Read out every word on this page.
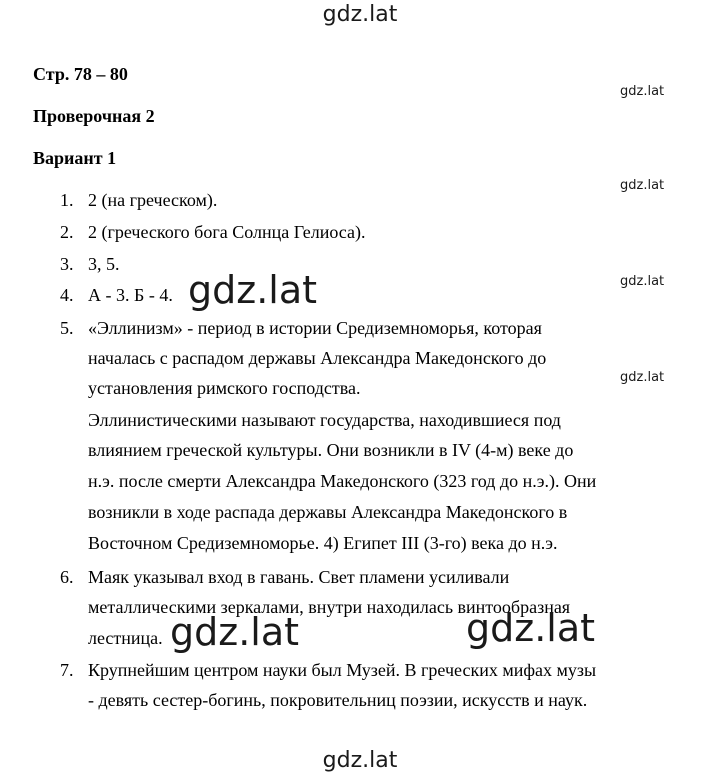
gdz.lat
gdz.lat
gdz.lat
gdz.lat
gdz.lat
Стр. 78 – 80
Проверочная 2
Вариант 1
1. 2 (на греческом).
2. 2 (греческого бога Солнца Гелиоса).
3. 3, 5.
4. А - 3. Б - 4. gdz.lat
5. «Эллинизм» - период в истории Средиземноморья, которая
началась с распадом державы Александра Македонского до
установления римского господства.
Эллинистическими называют государства, находившиеся под
влиянием греческой культуры. Они возникли в IV (4-м) веке до
н.э. после смерти Александра Македонского (323 год до н.э.). Они
возникли в ходе распада державы Александра Македонского в
Восточном Средиземноморье. 4) Египет III (3-го) века до н.э.
6. Маяк указывал вход в гавань. Свет пламени усиливали
металлическими зеркалами, внутри находилась винтообразная
лестница. gdz.lat	gdz.lat
7. Крупнейшим центром науки был Музей. В греческих мифах музы
- девять сестер-богинь, покровительниц поэзии, искусств и наук.
gdz.lat
